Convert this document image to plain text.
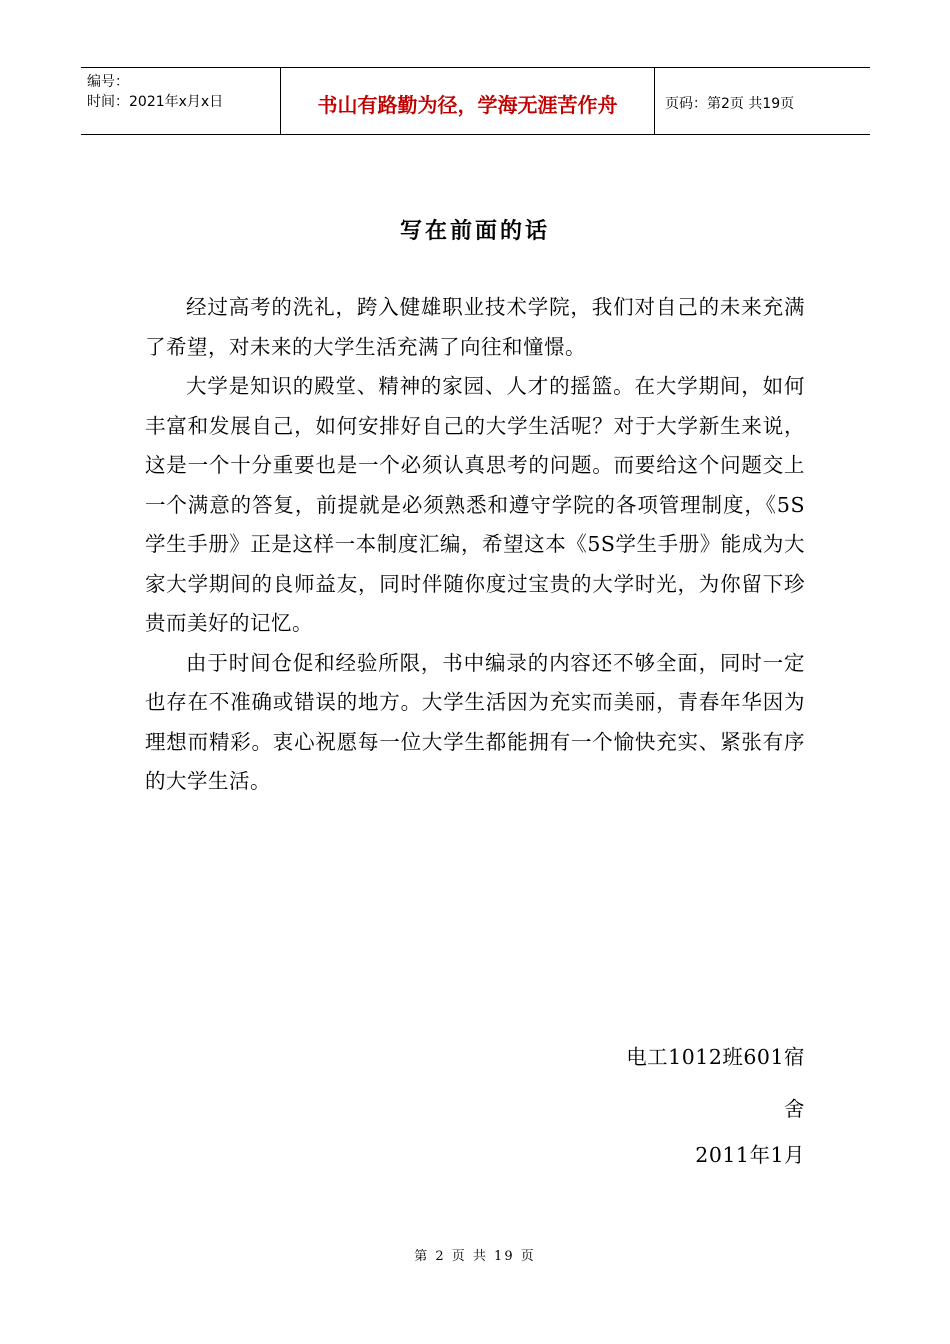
编号：
时间：2021年x月x日	书山有路勤为径，学海无涯苦作舟	页码：第2页 共19页
写在前面的话

经过高考的洗礼，跨入健雄职业技术学院，我们对自己的未来充满了希望，对未来的大学生活充满了向往和憧憬。

大学是知识的殿堂、精神的家园、人才的摇篮。在大学期间，如何丰富和发展自己，如何安排好自己的大学生活呢？对于大学新生来说，这是一个十分重要也是一个必须认真思考的问题。而要给这个问题交上一个满意的答复，前提就是必须熟悉和遵守学院的各项管理制度，《5S学生手册》正是这样一本制度汇编，希望这本《5S学生手册》能成为大家大学期间的良师益友，同时伴随你度过宝贵的大学时光，为你留下珍贵而美好的记忆。

由于时间仓促和经验所限，书中编录的内容还不够全面，同时一定也存在不准确或错误的地方。大学生活因为充实而美丽，青春年华因为理想而精彩。衷心祝愿每一位大学生都能拥有一个愉快充实、紧张有序的大学生活。

电工1012班601宿
舍
2011年1月
第 2 页 共 19 页
